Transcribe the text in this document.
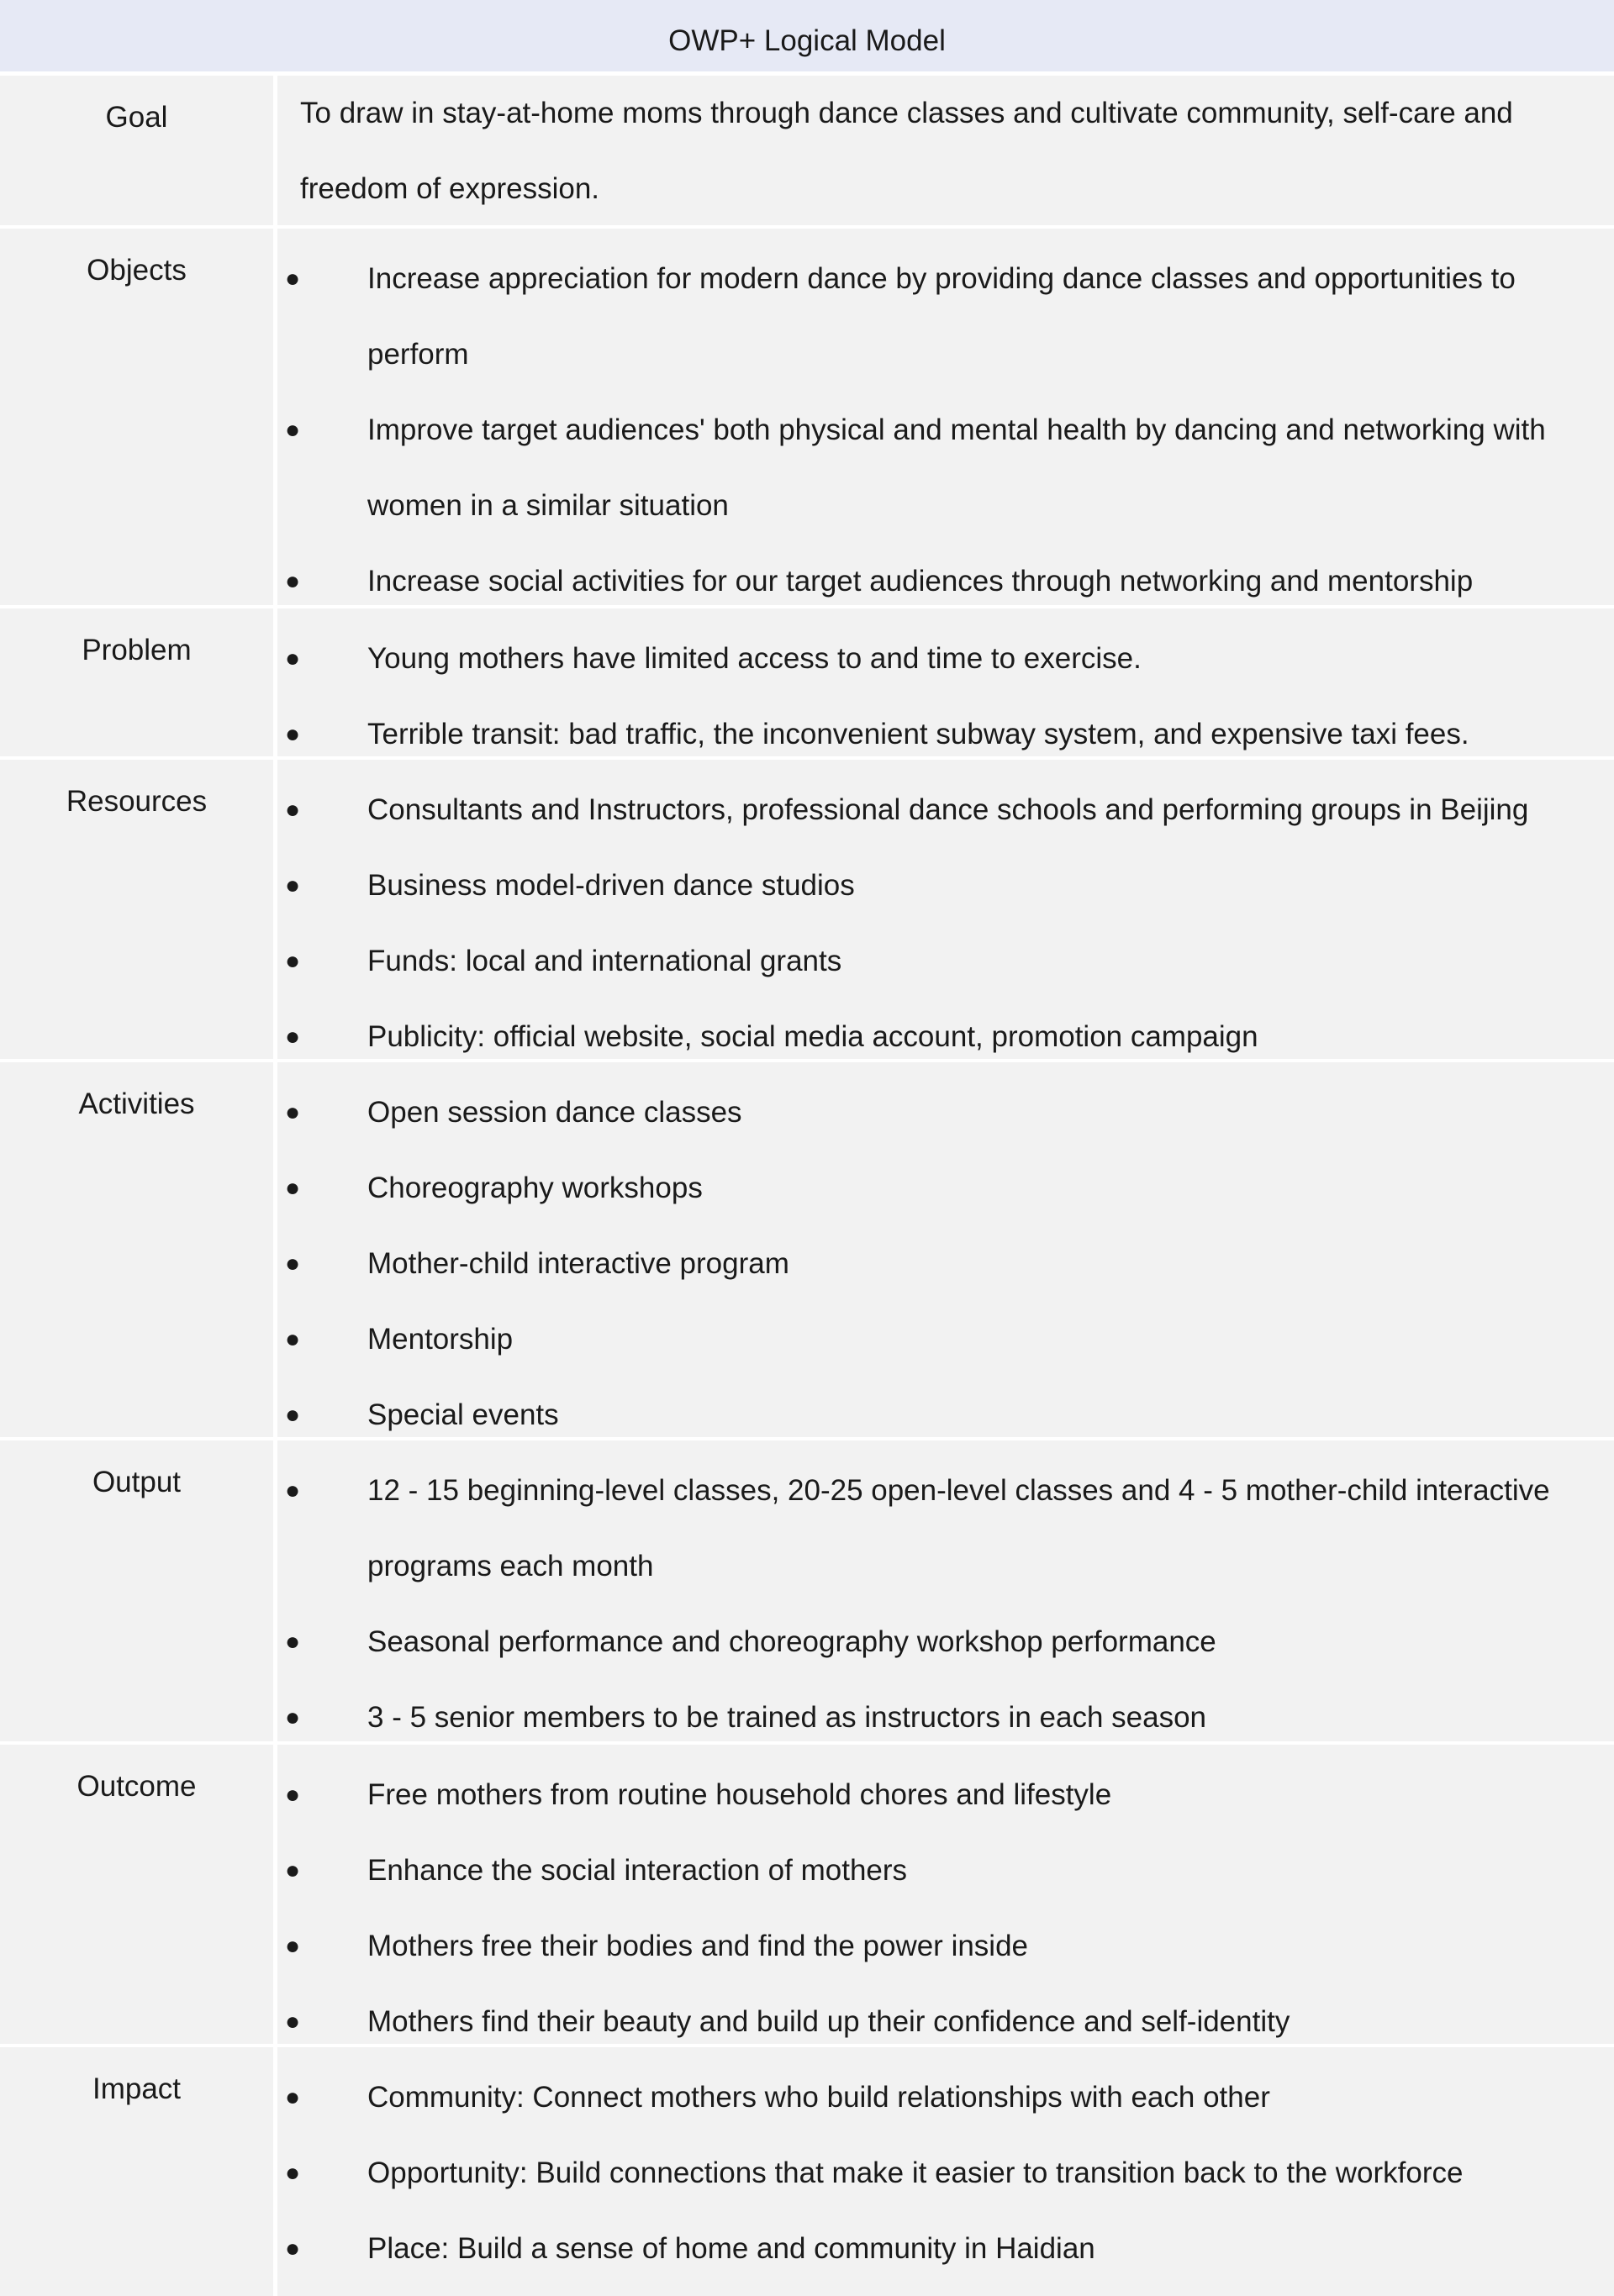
OWP+ Logical Model
Goal	To draw in stay-at-home moms through dance classes and cultivate community, self-care and freedom of expression.
Objects	● Increase appreciation for modern dance by providing dance classes and opportunities to perform
● Improve target audiences' both physical and mental health by dancing and networking with women in a similar situation
● Increase social activities for our target audiences through networking and mentorship
Problem	● Young mothers have limited access to and time to exercise.
● Terrible transit: bad traffic, the inconvenient subway system, and expensive taxi fees.
Resources	● Consultants and Instructors, professional dance schools and performing groups in Beijing
● Business model-driven dance studios
● Funds: local and international grants
● Publicity: official website, social media account, promotion campaign
Activities	● Open session dance classes
● Choreography workshops
● Mother-child interactive program
● Mentorship
● Special events
Output	● 12 - 15 beginning-level classes, 20-25 open-level classes and 4 - 5 mother-child interactive programs each month
● Seasonal performance and choreography workshop performance
● 3 - 5 senior members to be trained as instructors in each season
Outcome	● Free mothers from routine household chores and lifestyle
● Enhance the social interaction of mothers
● Mothers free their bodies and find the power inside
● Mothers find their beauty and build up their confidence and self-identity
Impact	● Community: Connect mothers who build relationships with each other
● Opportunity: Build connections that make it easier to transition back to the workforce
● Place: Build a sense of home and community in Haidian
